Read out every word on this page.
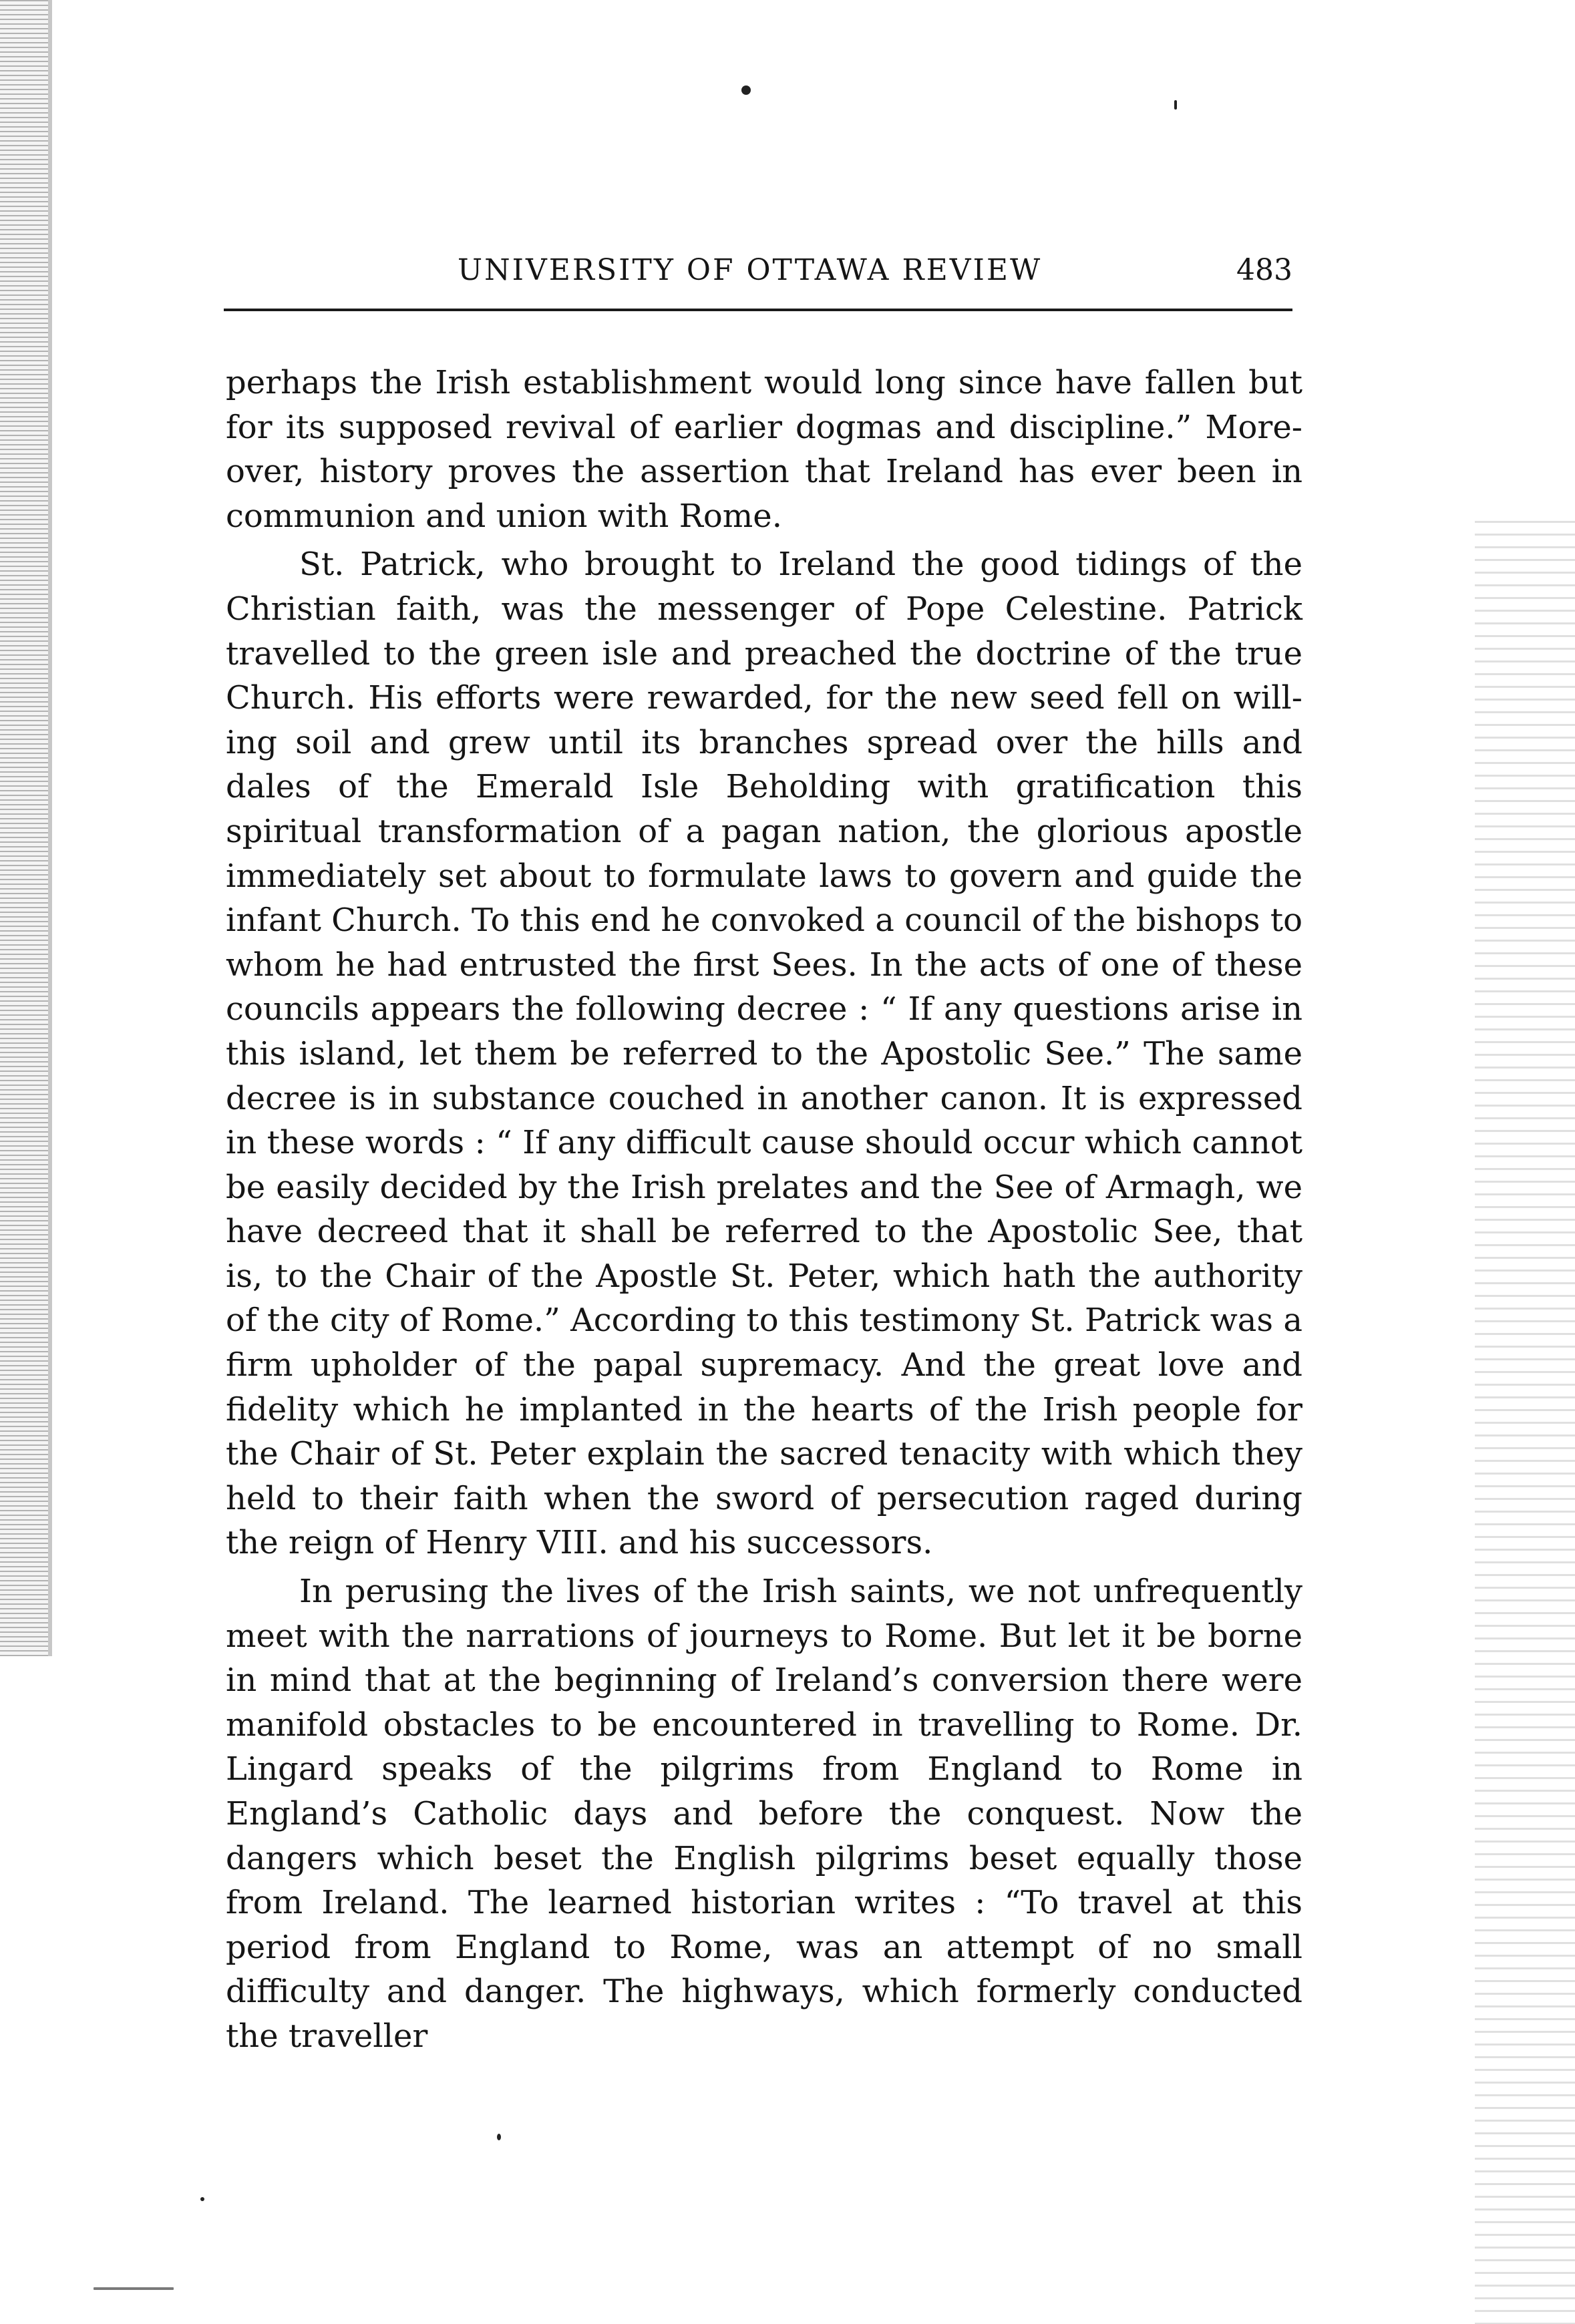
UNIVERSITY OF OTTAWA REVIEW	483

perhaps the Irish establishment would long since have fallen but for its supposed revival of earlier dogmas and discipline.” More- over, history proves the assertion that Ireland has ever been in communion and union with Rome.

St. Patrick, who brought to Ireland the good tidings of the Christian faith, was the messenger of Pope Celestine. Patrick travelled to the green isle and preached the doctrine of the true Church. His efforts were rewarded, for the new seed fell on will- ing soil and grew until its branches spread over the hills and dales of the Emerald Isle Beholding with gratification this spiritual transformation of a pagan nation, the glorious apostle immediately set about to formulate laws to govern and guide the infant Church. To this end he convoked a council of the bishops to whom he had entrusted the first Sees. In the acts of one of these councils appears the following decree : “ If any questions arise in this island, let them be referred to the Apostolic See.” The same decree is in substance couched in another canon. It is expressed in these words : “ If any difficult cause should occur which cannot be easily decided by the Irish prelates and the See of Armagh, we have decreed that it shall be referred to the Apostolic See, that is, to the Chair of the Apostle St. Peter, which hath the authority of the city of Rome.” According to this testimony St. Patrick was a firm upholder of the papal supremacy. And the great love and fidelity which he implanted in the hearts of the Irish people for the Chair of St. Peter explain the sacred tenacity with which they held to their faith when the sword of persecution raged during the reign of Henry VIII. and his successors.

In perusing the lives of the Irish saints, we not unfrequently meet with the narrations of journeys to Rome. But let it be borne in mind that at the beginning of Ireland’s conversion there were manifold obstacles to be encountered in travelling to Rome. Dr. Lingard speaks of the pilgrims from England to Rome in England’s Catholic days and before the conquest. Now the dangers which beset the English pilgrims beset equally those from Ireland. The learned historian writes : “To travel at this period from England to Rome, was an attempt of no small difficulty and danger. The highways, which formerly conducted the traveller
